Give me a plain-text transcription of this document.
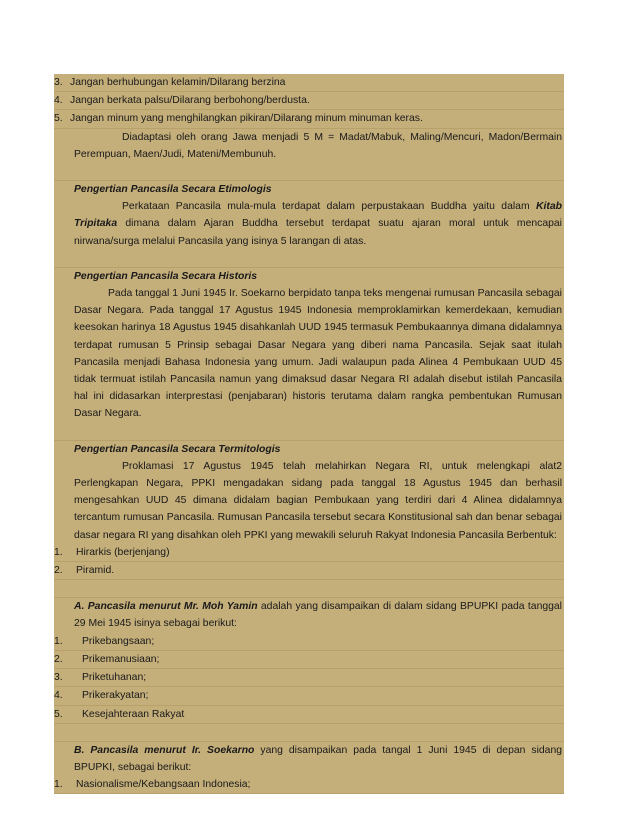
3. Jangan berhubungan kelamin/Dilarang berzina
4. Jangan berkata palsu/Dilarang berbohong/berdusta.
5. Jangan minum yang menghilangkan pikiran/Dilarang minum minuman keras.

Diadaptasi oleh orang Jawa menjadi 5 M = Madat/Mabuk, Maling/Mencuri, Madon/Bermain Perempuan, Maen/Judi, Mateni/Membunuh.

Pengertian Pancasila Secara Etimologis

Perkataan Pancasila mula-mula terdapat dalam perpustakaan Buddha yaitu dalam Kitab Tripitaka dimana dalam Ajaran Buddha tersebut terdapat suatu ajaran moral untuk mencapai nirwana/surga melalui Pancasila yang isinya 5 larangan di atas.

Pengertian Pancasila Secara Historis

Pada tanggal 1 Juni 1945 Ir. Soekarno berpidato tanpa teks mengenai rumusan Pancasila sebagai Dasar Negara. Pada tanggal 17 Agustus 1945 Indonesia memproklamirkan kemerdekaan, kemudian keesokan harinya 18 Agustus 1945 disahkanlah UUD 1945 termasuk Pembukaannya dimana didalamnya terdapat rumusan 5 Prinsip sebagai Dasar Negara yang diberi nama Pancasila. Sejak saat itulah Pancasila menjadi Bahasa Indonesia yang umum. Jadi walaupun pada Alinea 4 Pembukaan UUD 45 tidak termuat istilah Pancasila namun yang dimaksud dasar Negara RI adalah disebut istilah Pancasila hal ini didasarkan interprestasi (penjabaran) historis terutama dalam rangka pembentukan Rumusan Dasar Negara.

Pengertian Pancasila Secara Termitologis

Proklamasi 17 Agustus 1945 telah melahirkan Negara RI, untuk melengkapi alat2 Perlengkapan Negara, PPKI mengadakan sidang pada tanggal 18 Agustus 1945 dan berhasil mengesahkan UUD 45 dimana didalam bagian Pembukaan yang terdiri dari 4 Alinea didalamnya tercantum rumusan Pancasila. Rumusan Pancasila tersebut secara Konstitusional sah dan benar sebagai dasar negara RI yang disahkan oleh PPKI yang mewakili seluruh Rakyat Indonesia Pancasila Berbentuk:

1.	Hirarkis (berjenjang)
2.	Piramid.

A. Pancasila menurut Mr. Moh Yamin adalah yang disampaikan di dalam sidang BPUPKI pada tanggal 29 Mei 1945 isinya sebagai berikut:

1.	Prikebangsaan;
2.	Prikemanusiaan;
3.	Priketuhanan;
4.	Prikerakyatan;
5.	Kesejahteraan Rakyat

B. Pancasila menurut Ir. Soekarno yang disampaikan pada tangal 1 Juni 1945 di depan sidang BPUPKI, sebagai berikut:

1.	Nasionalisme/Kebangsaan Indonesia;
